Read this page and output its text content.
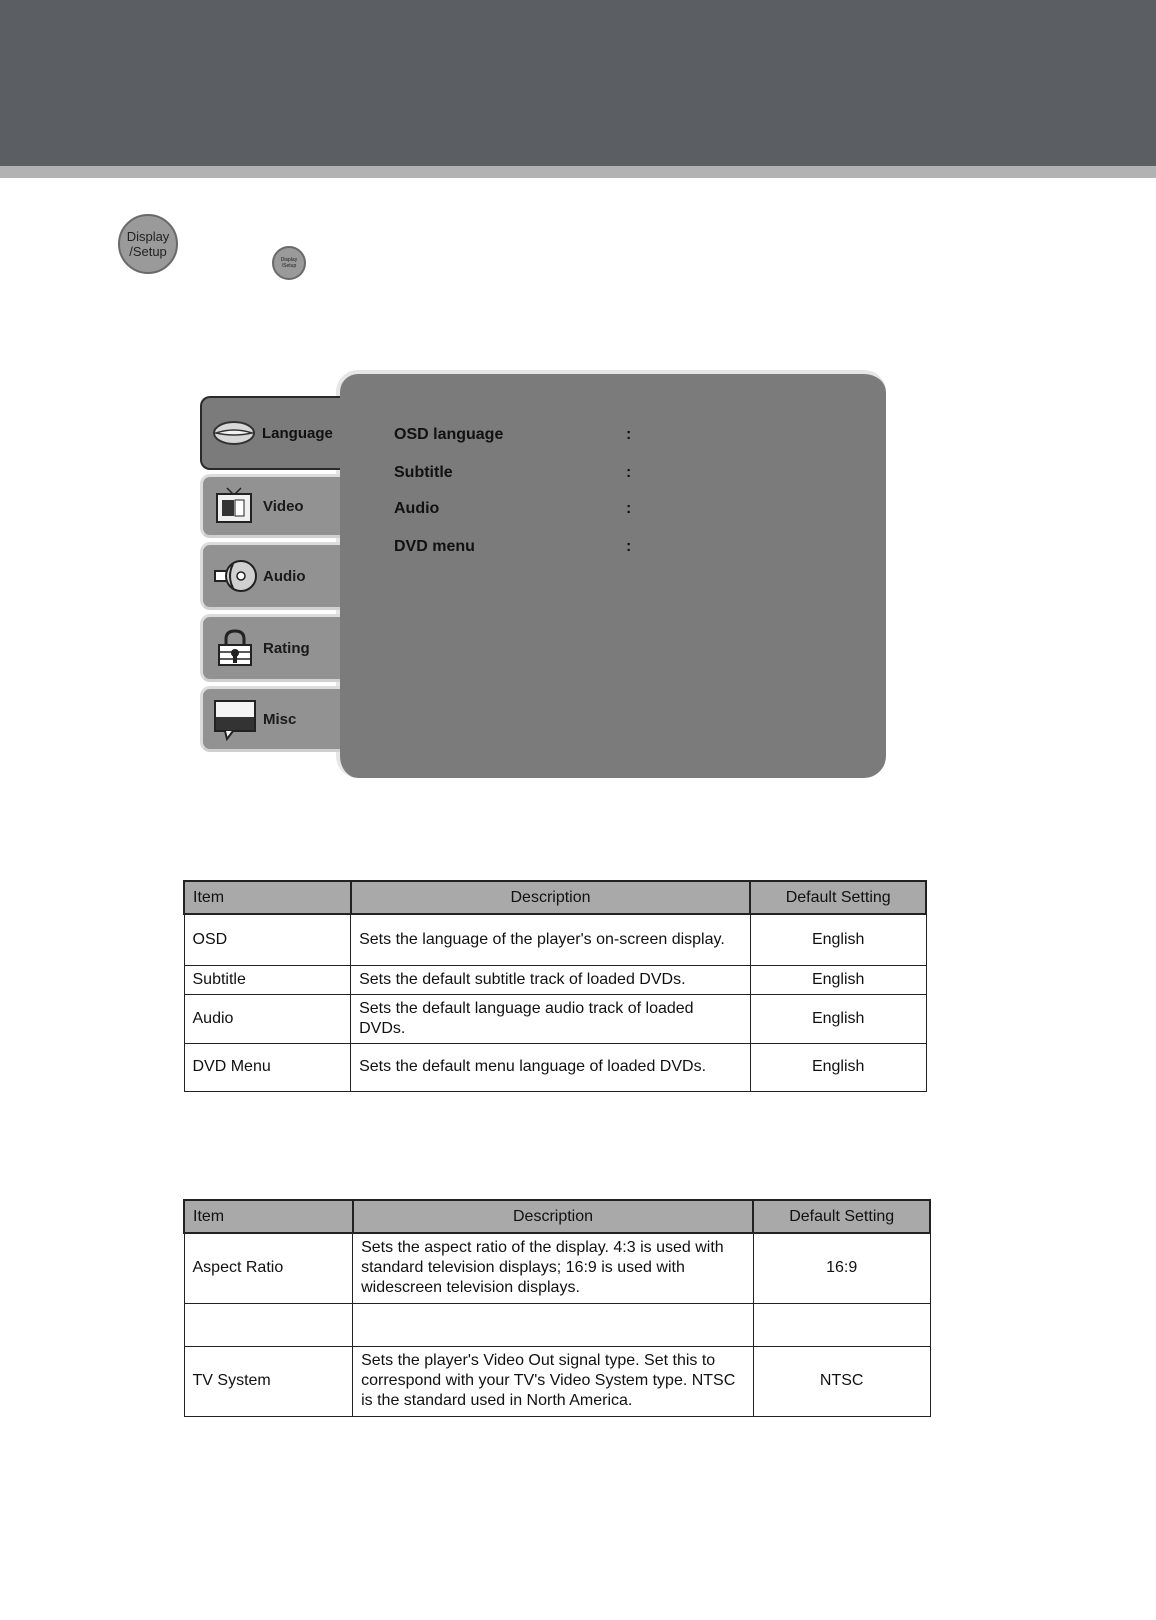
Display
/Setup
Display
/Setup
Language
Video
Audio
Rating
Misc
OSD language	:
Subtitle	:
Audio	:
DVD menu	:
Item	Description	Default Setting
OSD	Sets the language of the player's on-screen display.	English
Subtitle	Sets the default subtitle track of loaded DVDs.	English
Audio	Sets the default language audio track of loaded DVDs.	English
DVD Menu	Sets the default menu language of loaded DVDs.	English
Item	Description	Default Setting
Aspect Ratio	Sets the aspect ratio of the display. 4:3 is used with standard television displays; 16:9 is used with widescreen television displays.	16:9

TV System	Sets the player's Video Out signal type. Set this to correspond with your TV's Video System type. NTSC is the standard used in North America.	NTSC
